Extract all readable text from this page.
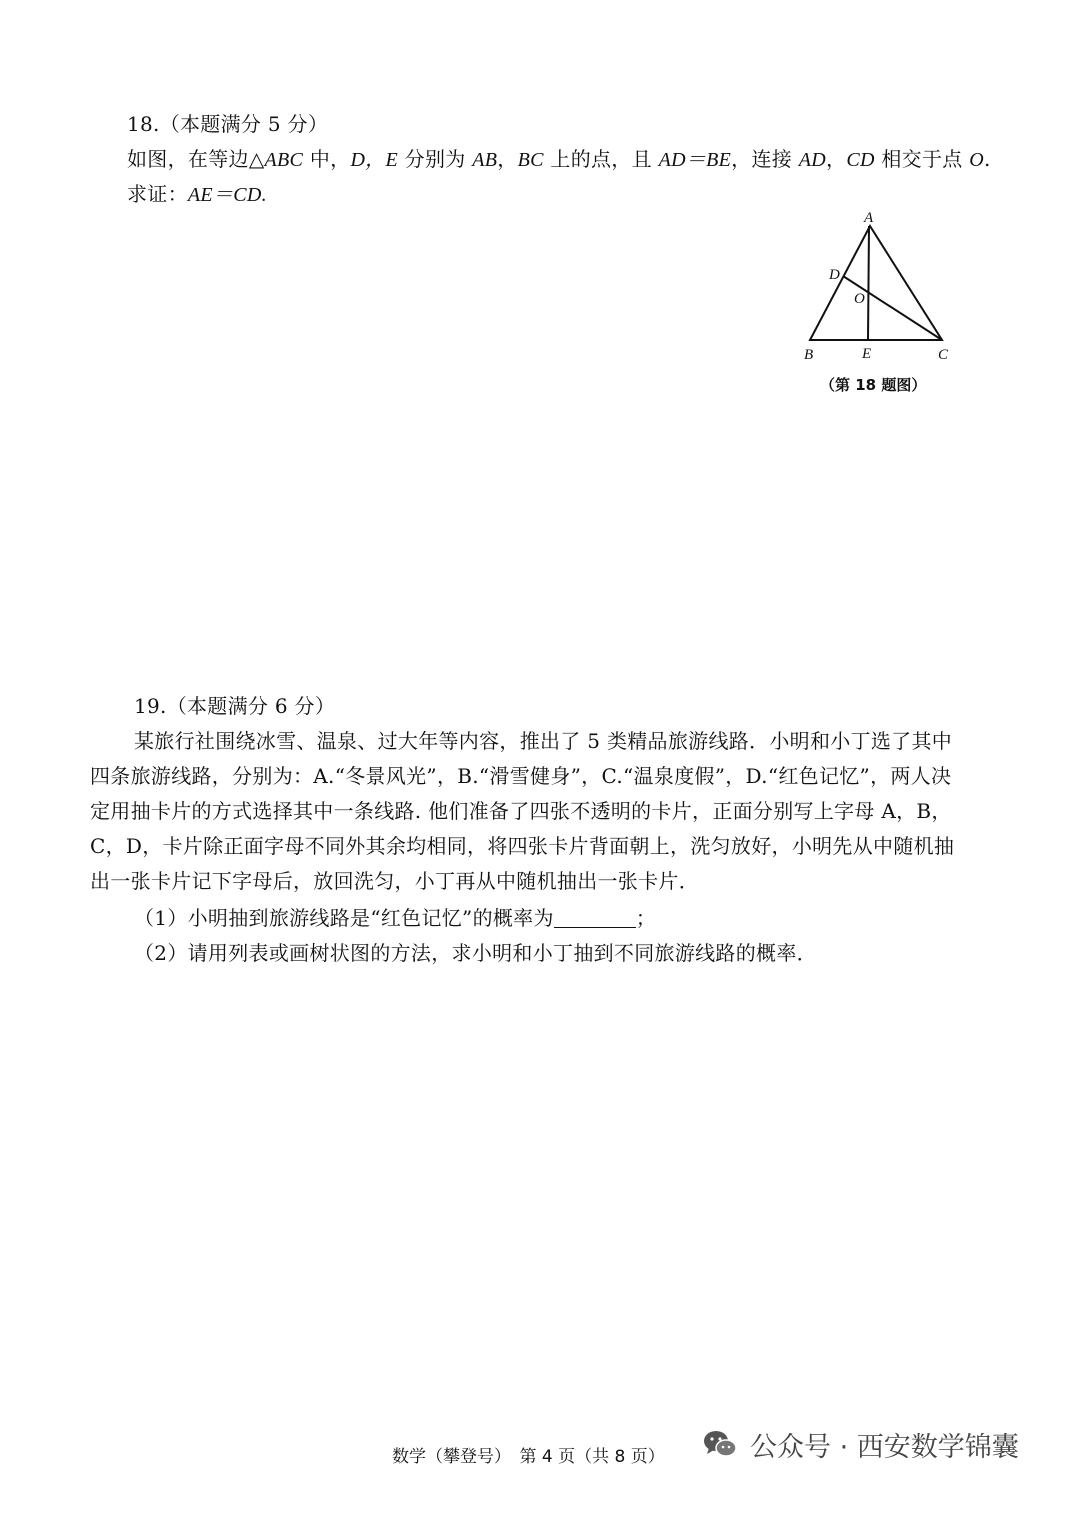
18.（本题满分 5 分）
如图，在等边△ABC 中，D，E 分别为 AB，BC 上的点，且 AD＝BE，连接 AD，CD 相交于点 O.
求证：AE＝CD.
A
B	C
D
E
O
（第 18 题图）
19.（本题满分 6 分）
某旅行社围绕冰雪、温泉、过大年等内容，推出了 5 类精品旅游线路．小明和小丁选了其中
四条旅游线路，分别为：A.“冬景风光”，B.“滑雪健身”，C.“温泉度假”，D.“红色记忆”，两人决
定用抽卡片的方式选择其中一条线路. 他们准备了四张不透明的卡片，正面分别写上字母 A，B，
C，D，卡片除正面字母不同外其余均相同，将四张卡片背面朝上，洗匀放好，小明先从中随机抽
出一张卡片记下字母后，放回洗匀，小丁再从中随机抽出一张卡片．
（1）小明抽到旅游线路是“红色记忆”的概率为	；
（2）请用列表或画树状图的方法，求小明和小丁抽到不同旅游线路的概率．
数学（攀登号）　第 4 页（共 8 页）	公众号 · 西安数学锦囊
